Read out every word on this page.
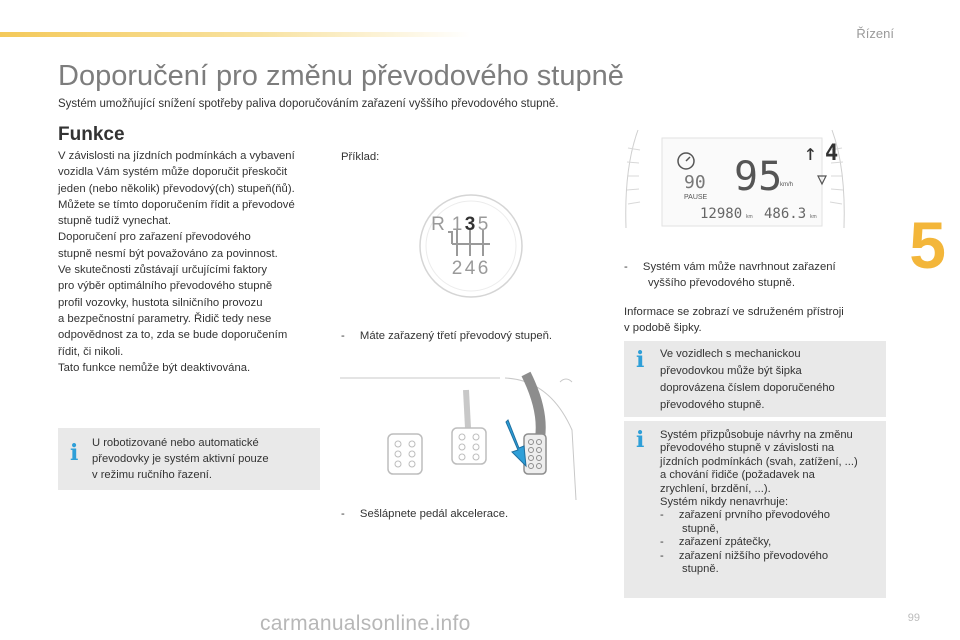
Řízení
5
Doporučení pro změnu převodového stupně
Systém umožňující snížení spotřeby paliva doporučováním zařazení vyššího převodového stupně.
Funkce

V závislosti na jízdních podmínkách a vybavení

vozidla Vám systém může doporučit přeskočit

jeden (nebo několik) převodový(ch) stupeň(ňů).

Můžete se tímto doporučením řídit a převodové

stupně tudíž vynechat.

Doporučení pro zařazení převodového

stupně nesmí být považováno za povinnost.

Ve skutečnosti zůstávají určujícími faktory

pro výběr optimálního převodového stupně

profil vozovky, hustota silničního provozu

a bezpečnostní parametry. Řidič tedy nese

odpovědnost za to, zda se bude doporučením

řídit, či nikoli.

Tato funkce nemůže být deaktivována.

i U robotizované nebo automatické

převodovky je systém aktivní pouze

v režimu ručního řazení.

Příklad:
R 1 3 5
2 4 6
- Máte zařazený třetí převodový stupeň.
- Sešlápnete pedál akcelerace.
↑ 4
95
km/h
90
PAUSE
12980 km 486.3 km

- Systém vám může navrhnout zařazení

vyššího převodového stupně.

Informace se zobrazí ve sdruženém přístroji

v podobě šipky.

i Ve vozidlech s mechanickou

převodovkou může být šipka

doprovázena číslem doporučeného

převodového stupně.

i Systém přizpůsobuje návrhy na změnu

převodového stupně v závislosti na

jízdních podmínkách (svah, zatížení, ...)

a chování řidiče (požadavek na

zrychlení, brzdění, ...).

Systém nikdy nenavrhuje:

- zařazení prvního převodového

stupně,

- zařazení zpátečky,

- zařazení nižšího převodového

stupně.

99
carmanualsonline.info
